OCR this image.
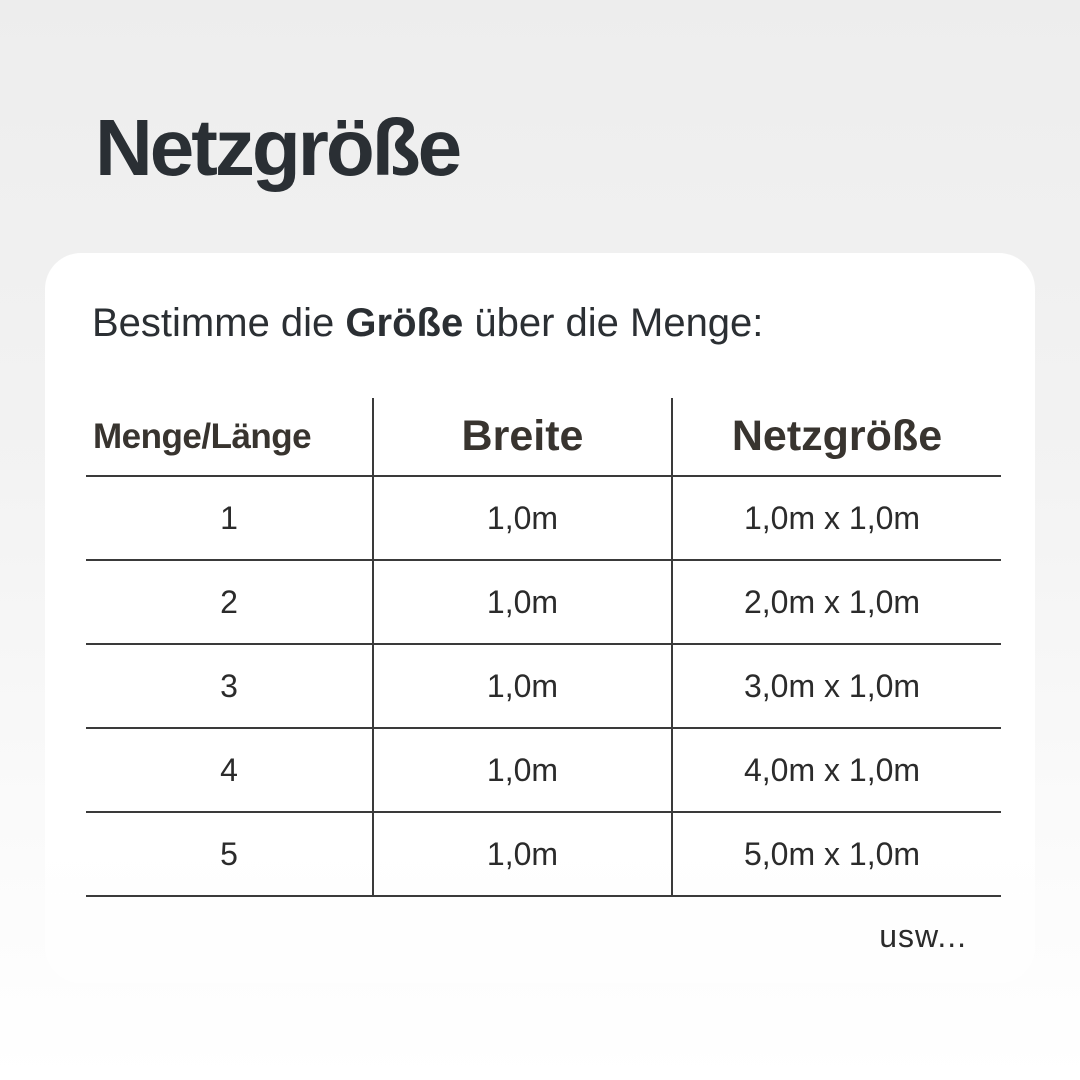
Netzgröße

Bestimme die Größe über die Menge:

Menge/Länge	Breite	Netzgröße
1	1,0m	1,0m x 1,0m
2	1,0m	2,0m x 1,0m
3	1,0m	3,0m x 1,0m
4	1,0m	4,0m x 1,0m
5	1,0m	5,0m x 1,0m

usw...
